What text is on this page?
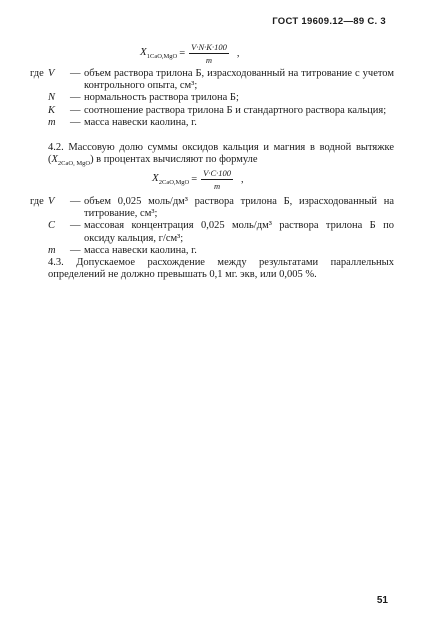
ГОСТ 19609.12—89 С. 3
$X_{1CaO,MgO} = \frac{V\cdot N\cdot K\cdot 100}{m}$ ,
где V	— объем раствора трилона Б, израсходованный на титрование с учетом контрольного опыта, см³;
N	— нормальность раствора трилона Б;
K	— соотношение раствора трилона Б и стандартного раствора кальция;
m	— масса навески каолина, г.
4.2. Массовую долю суммы оксидов кальция и магния в водной вытяжке $(X_{2CaO, MgO})$ в процентах вычисляют по формуле
$X_{2CaO,MgO} = \frac{V\cdot C\cdot 100}{m}$ ,
где V	— объем 0,025 моль/дм³ раствора трилона Б, израсходованный на титрование, см³;
C	— массовая концентрация 0,025 моль/дм³ раствора трилона Б по оксиду кальция, г/см³;
m	— масса навески каолина, г.
4.3. Допускаемое расхождение между результатами параллельных определений не должно превышать 0,1 мг. экв, или 0,005 %.
51
